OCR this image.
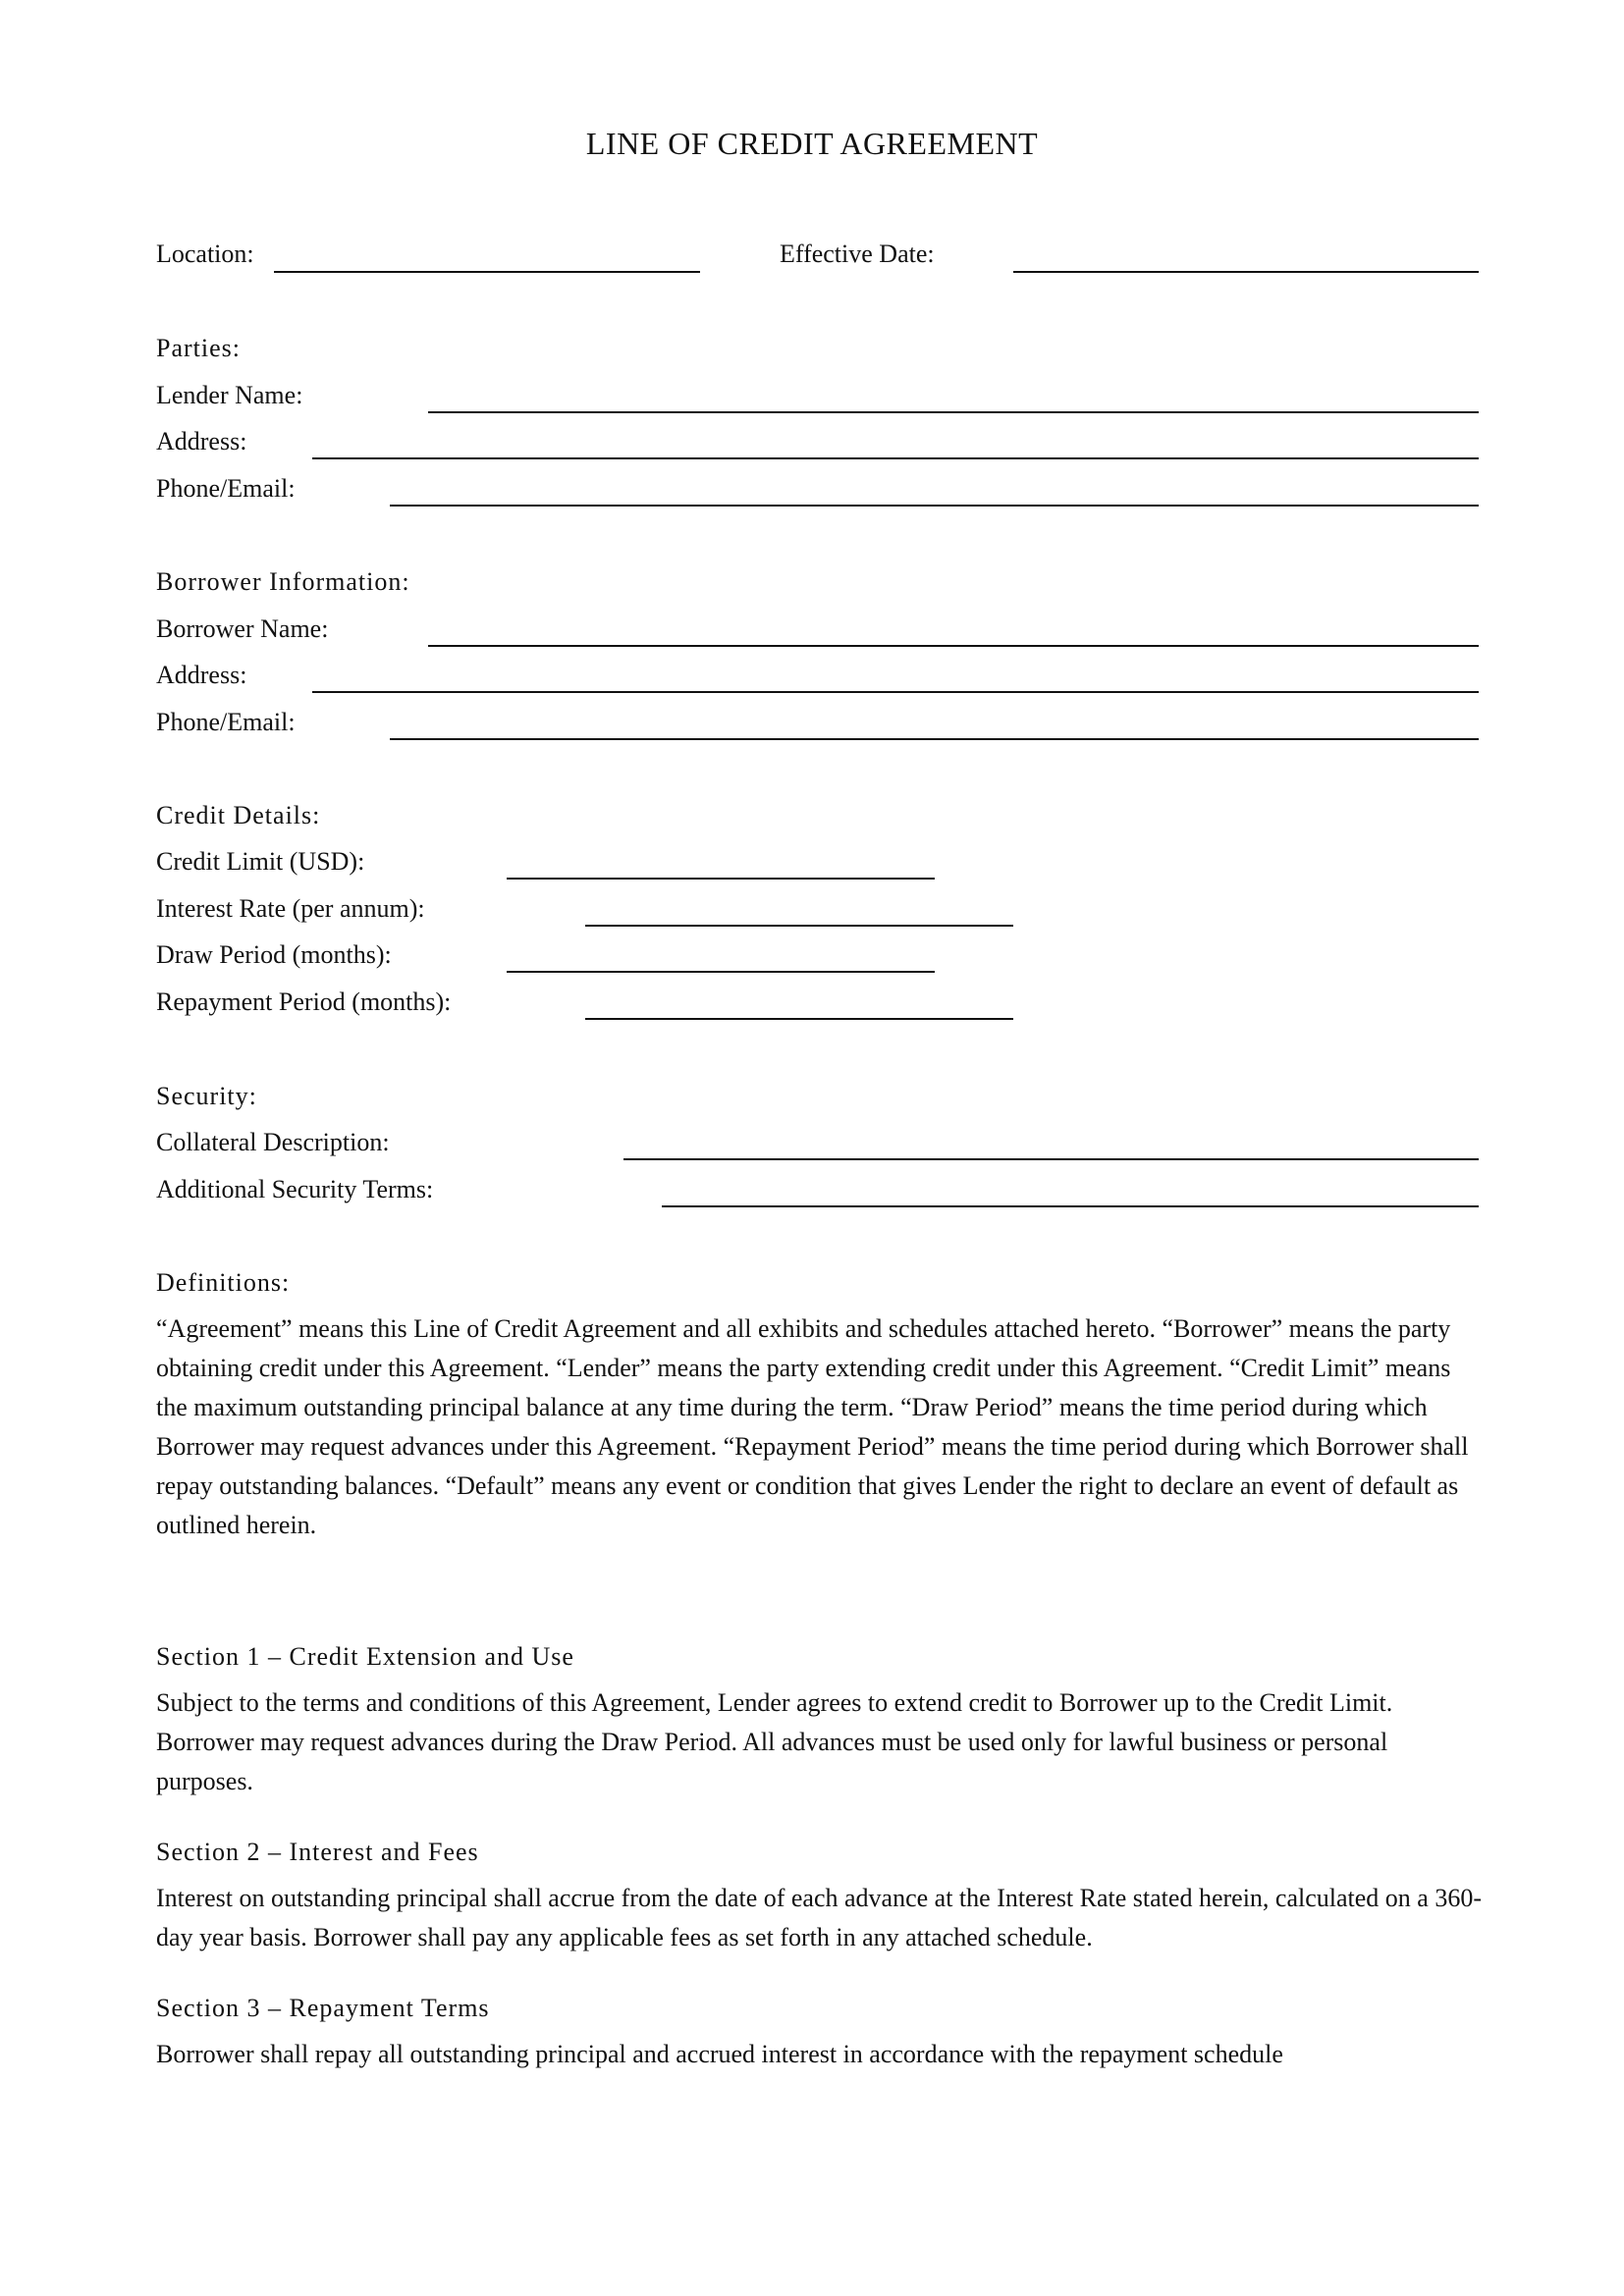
LINE OF CREDIT AGREEMENT
Location:	Effective Date:
Parties:
Lender Name:
Address:
Phone/Email:
Borrower Information:
Borrower Name:
Address:
Phone/Email:
Credit Details:
Credit Limit (USD):
Interest Rate (per annum):
Draw Period (months):
Repayment Period (months):
Security:
Collateral Description:
Additional Security Terms:
Definitions:

“Agreement” means this Line of Credit Agreement and all exhibits and schedules attached hereto. “Borrower” means the party obtaining credit under this Agreement. “Lender” means the party extending credit under this Agreement. “Credit Limit” means the maximum outstanding principal balance at any time during the term. “Draw Period” means the time period during which Borrower may request advances under this Agreement. “Repayment Period” means the time period during which Borrower shall repay outstanding balances. “Default” means any event or condition that gives Lender the right to declare an event of default as outlined herein.

Section 1 – Credit Extension and Use

Subject to the terms and conditions of this Agreement, Lender agrees to extend credit to Borrower up to the Credit Limit. Borrower may request advances during the Draw Period. All advances must be used only for lawful business or personal purposes.

Section 2 – Interest and Fees

Interest on outstanding principal shall accrue from the date of each advance at the Interest Rate stated herein, calculated on a 360-day year basis. Borrower shall pay any applicable fees as set forth in any attached schedule.

Section 3 – Repayment Terms

Borrower shall repay all outstanding principal and accrued interest in accordance with the repayment schedule
